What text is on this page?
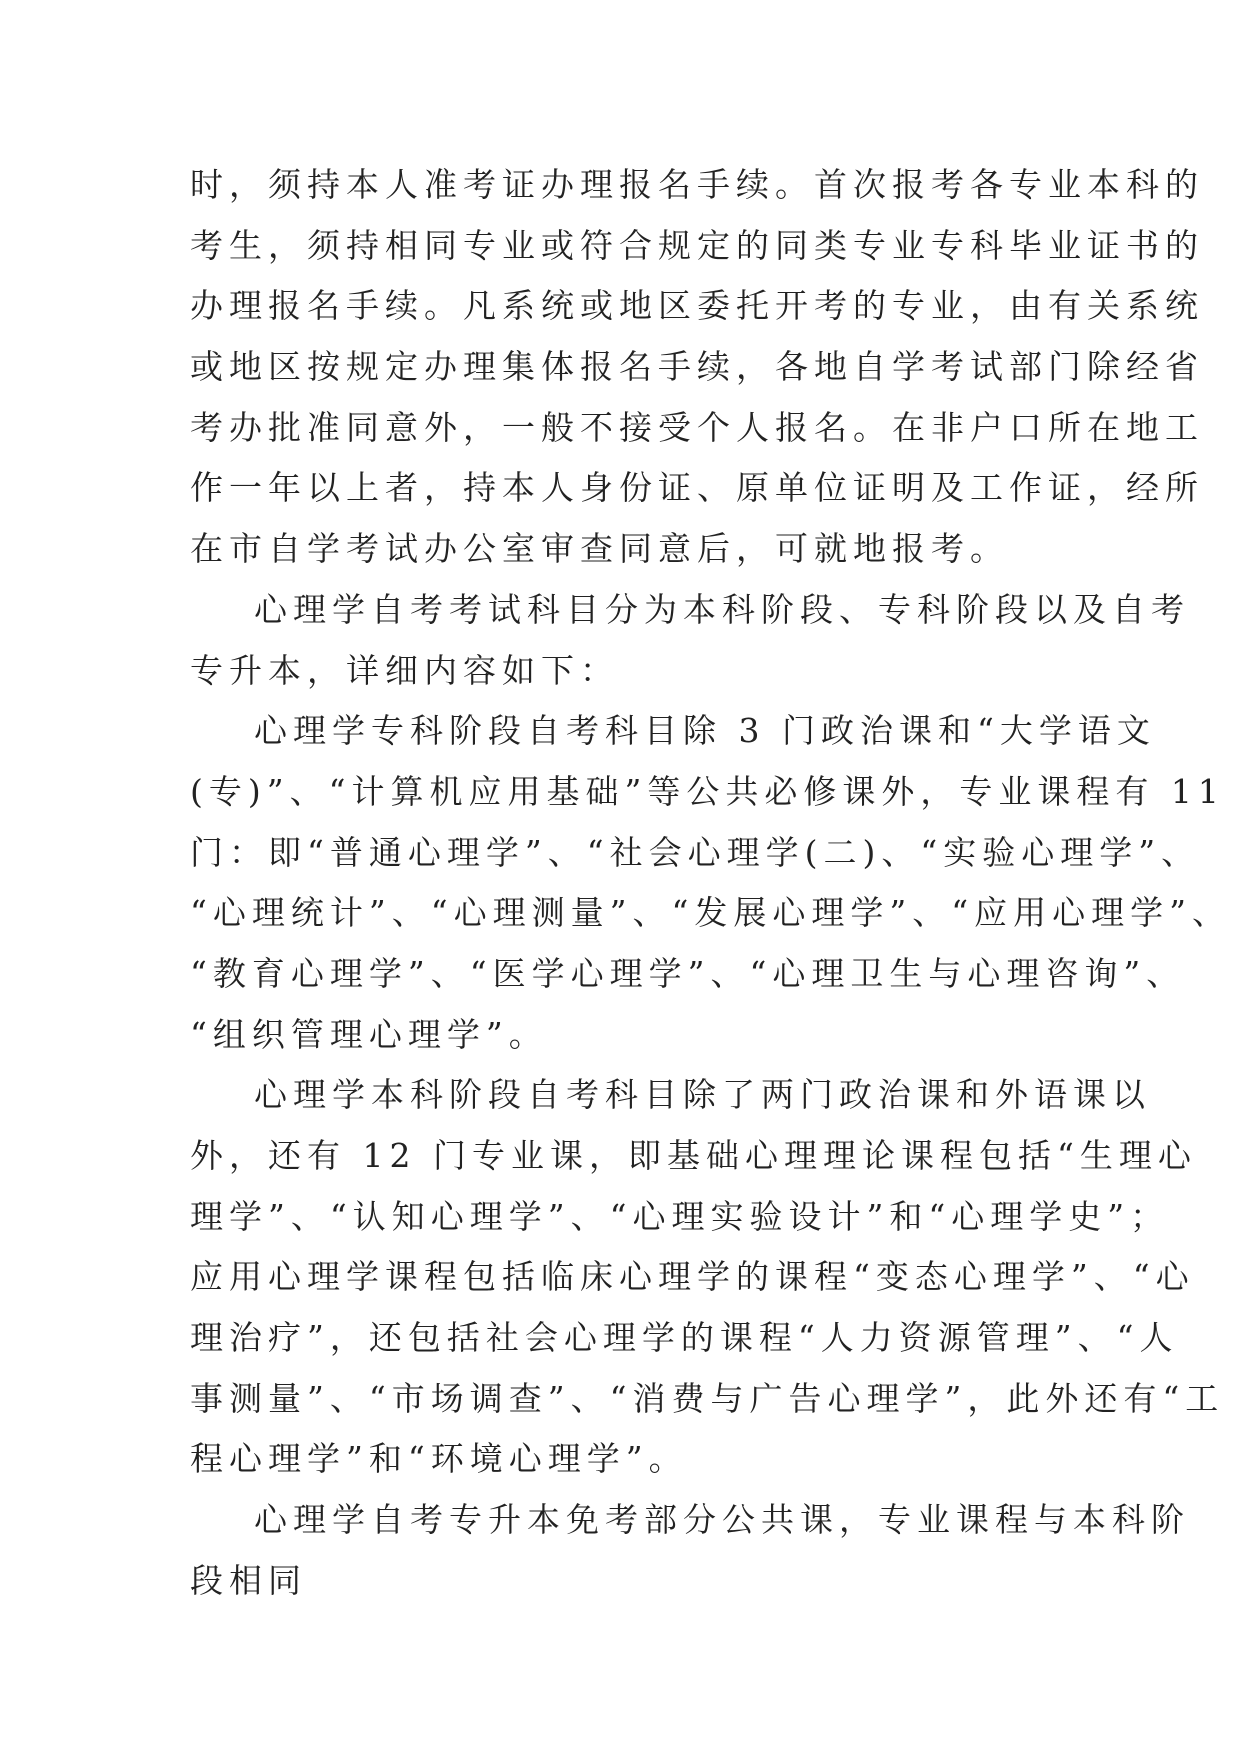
时，须持本人准考证办理报名手续。首次报考各专业本科的
考生，须持相同专业或符合规定的同类专业专科毕业证书的
办理报名手续。凡系统或地区委托开考的专业，由有关系统
或地区按规定办理集体报名手续，各地自学考试部门除经省
考办批准同意外，一般不接受个人报名。在非户口所在地工
作一年以上者，持本人身份证、原单位证明及工作证，经所
在市自学考试办公室审查同意后，可就地报考。
心理学自考考试科目分为本科阶段、专科阶段以及自考
专升本，详细内容如下：
心理学专科阶段自考科目除 3 门政治课和“大学语文
(专)”、“计算机应用基础”等公共必修课外，专业课程有 11
门：即“普通心理学”、“社会心理学(二)、“实验心理学”、
“心理统计”、“心理测量”、“发展心理学”、“应用心理学”、
“教育心理学”、“医学心理学”、“心理卫生与心理咨询”、
“组织管理心理学”。
心理学本科阶段自考科目除了两门政治课和外语课以
外，还有 12 门专业课，即基础心理理论课程包括“生理心
理学”、“认知心理学”、“心理实验设计”和“心理学史”；
应用心理学课程包括临床心理学的课程“变态心理学”、“心
理治疗”，还包括社会心理学的课程“人力资源管理”、“人
事测量”、“市场调查”、“消费与广告心理学”，此外还有“工
程心理学”和“环境心理学”。
心理学自考专升本免考部分公共课，专业课程与本科阶
段相同
